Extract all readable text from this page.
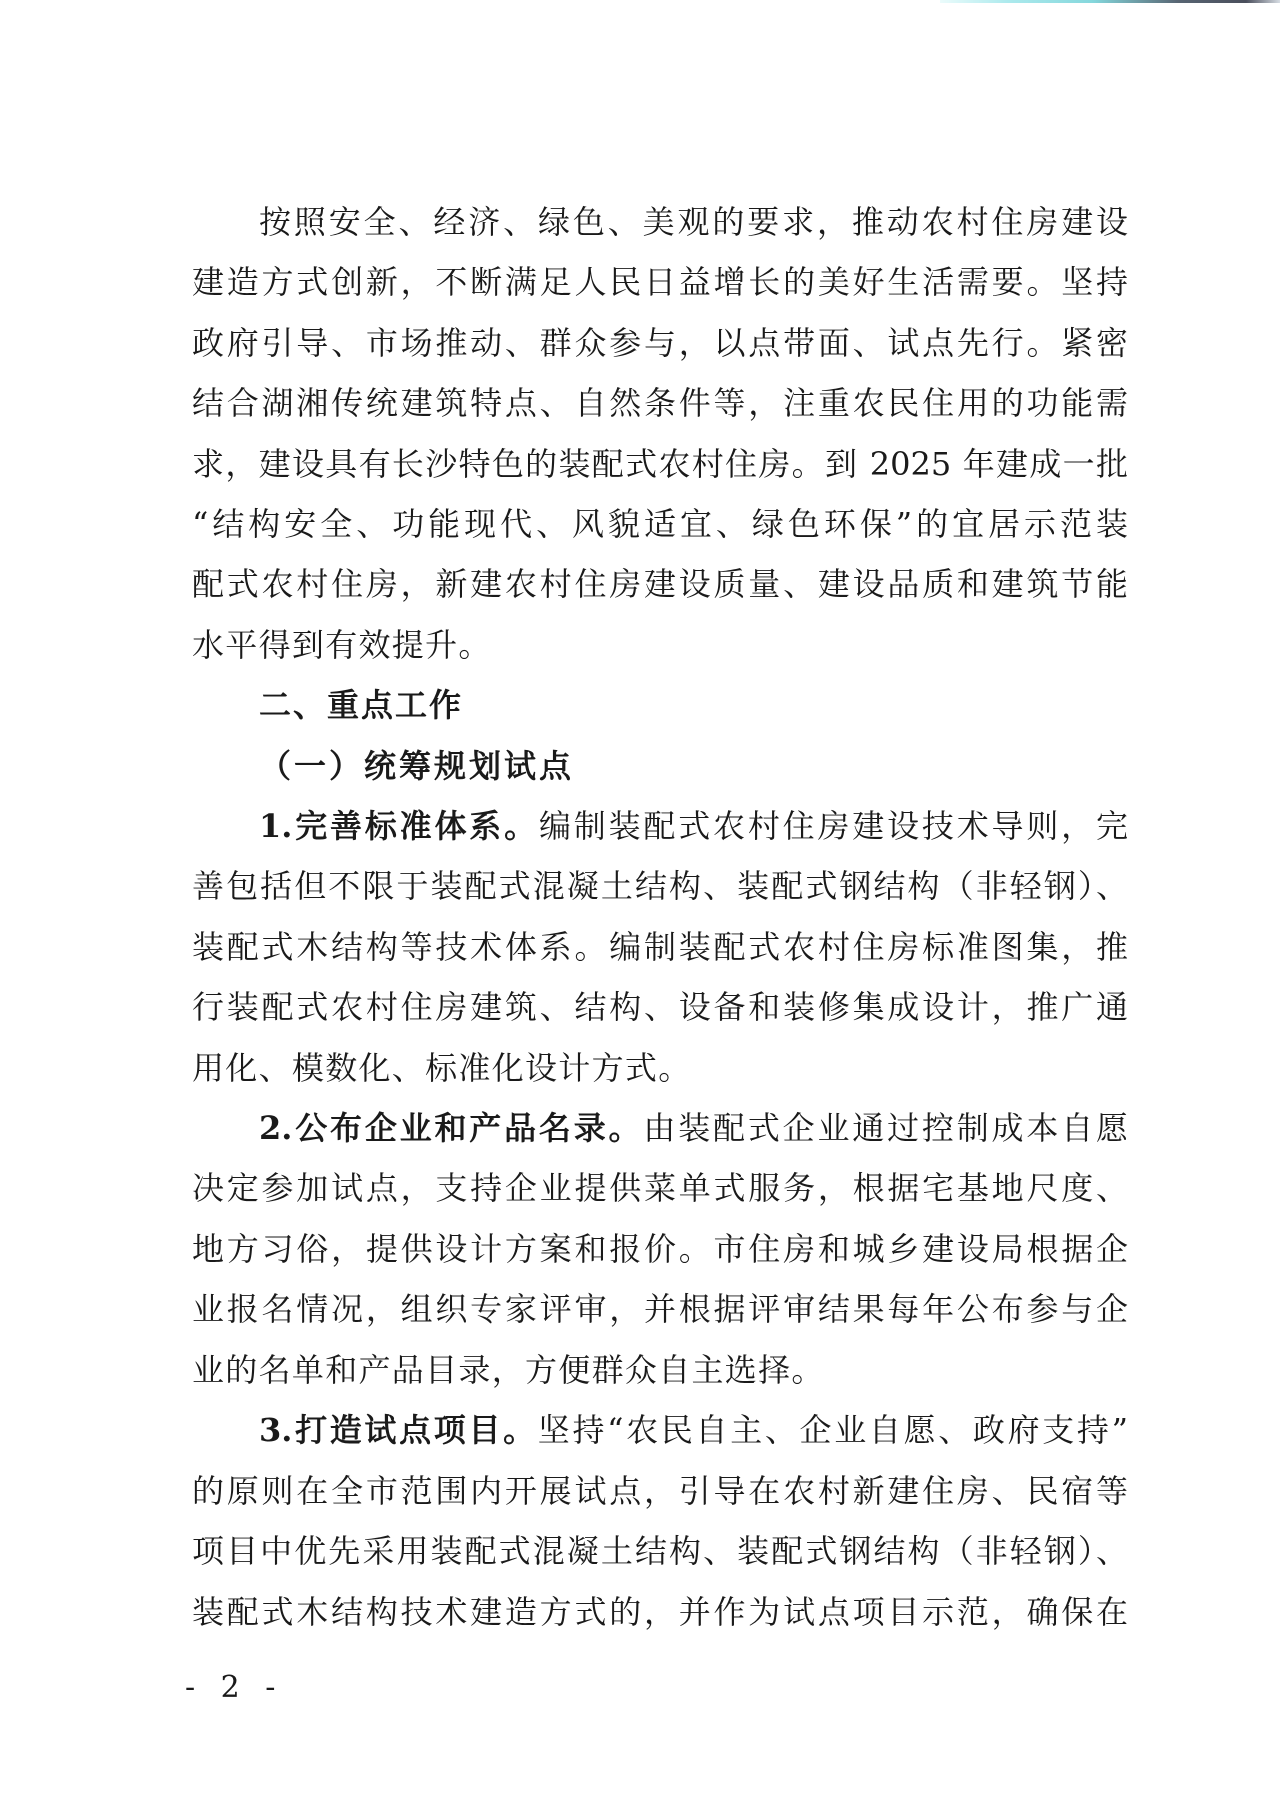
按照安全、经济、绿色、美观的要求，推动农村住房建设
建造方式创新，不断满足人民日益增长的美好生活需要。坚持
政府引导、市场推动、群众参与，以点带面、试点先行。紧密
结合湖湘传统建筑特点、自然条件等，注重农民住用的功能需
求，建设具有长沙特色的装配式农村住房。到 2025 年建成一批
“结构安全、功能现代、风貌适宜、绿色环保”的宜居示范装
配式农村住房，新建农村住房建设质量、建设品质和建筑节能
水平得到有效提升。
二、重点工作
（一）统筹规划试点
1.完善标准体系。编制装配式农村住房建设技术导则，完
善包括但不限于装配式混凝土结构、装配式钢结构（非轻钢）、
装配式木结构等技术体系。编制装配式农村住房标准图集，推
行装配式农村住房建筑、结构、设备和装修集成设计，推广通
用化、模数化、标准化设计方式。
2.公布企业和产品名录。由装配式企业通过控制成本自愿
决定参加试点，支持企业提供菜单式服务，根据宅基地尺度、
地方习俗，提供设计方案和报价。市住房和城乡建设局根据企
业报名情况，组织专家评审，并根据评审结果每年公布参与企
业的名单和产品目录，方便群众自主选择。
3.打造试点项目。坚持“农民自主、企业自愿、政府支持”
的原则在全市范围内开展试点，引导在农村新建住房、民宿等
项目中优先采用装配式混凝土结构、装配式钢结构（非轻钢）、
装配式木结构技术建造方式的，并作为试点项目示范，确保在
- 2 -
